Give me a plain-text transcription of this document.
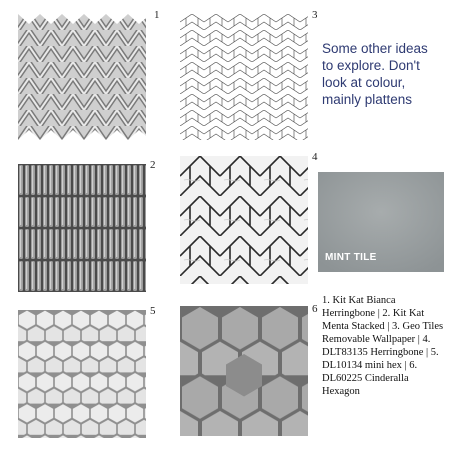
1	3
Some other ideas to explore. Don't look at colour, mainly plattens
2
4
MINT TILE
5	6
1. Kit Kat Bianca Herringbone | 2. Kit Kat Menta Stacked | 3. Geo Tiles Removable Wallpaper | 4. DLT83135 Herringbone | 5. DL10134 mini hex | 6. DL60225 Cinderalla Hexagon
